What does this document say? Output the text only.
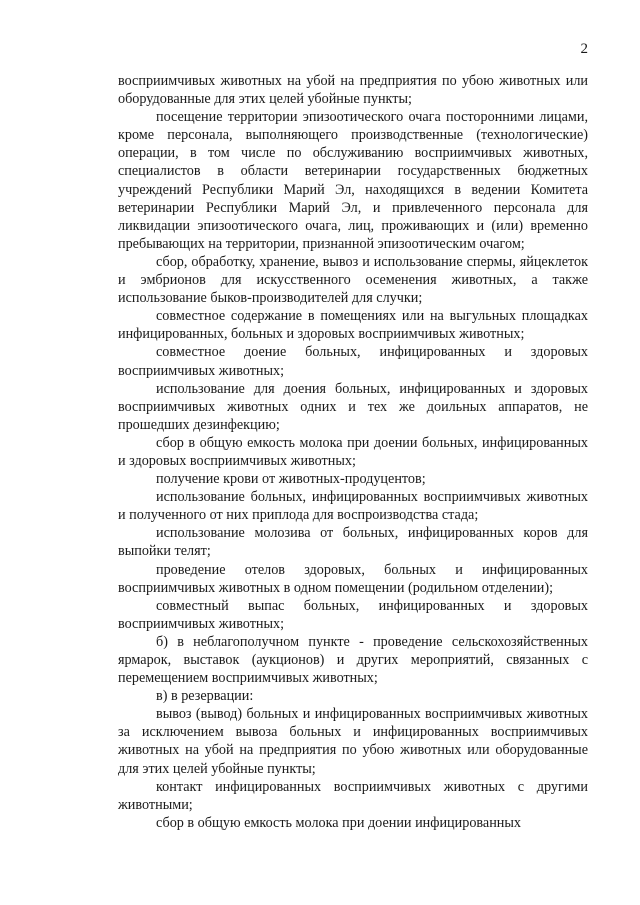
2

восприимчивых животных на убой на предприятия по убою животных или оборудованные для этих целей убойные пункты;

посещение территории эпизоотического очага посторонними лицами, кроме персонала, выполняющего производственные (технологические) операции, в том числе по обслуживанию восприимчивых животных, специалистов в области ветеринарии государственных бюджетных учреждений Республики Марий Эл, находящихся в ведении Комитета ветеринарии Республики Марий Эл, и привлеченного персонала для ликвидации эпизоотического очага, лиц, проживающих и (или) временно пребывающих на территории, признанной эпизоотическим очагом;

сбор, обработку, хранение, вывоз и использование спермы, яйцеклеток и эмбрионов для искусственного осеменения животных, а также использование быков-производителей для случки;

совместное содержание в помещениях или на выгульных площадках инфицированных, больных и здоровых восприимчивых животных;

совместное доение больных, инфицированных и здоровых восприимчивых животных;

использование для доения больных, инфицированных и здоровых восприимчивых животных одних и тех же доильных аппаратов, не прошедших дезинфекцию;

сбор в общую емкость молока при доении больных, инфицированных и здоровых восприимчивых животных;

получение крови от животных-продуцентов;

использование больных, инфицированных восприимчивых животных и полученного от них приплода для воспроизводства стада;

использование молозива от больных, инфицированных коров для выпойки телят;

проведение отелов здоровых, больных и инфицированных восприимчивых животных в одном помещении (родильном отделении);

совместный выпас больных, инфицированных и здоровых восприимчивых животных;

б) в неблагополучном пункте - проведение сельскохозяйственных ярмарок, выставок (аукционов) и других мероприятий, связанных с перемещением восприимчивых животных;

в) в резервации:

вывоз (вывод) больных и инфицированных восприимчивых животных за исключением вывоза больных и инфицированных восприимчивых животных на убой на предприятия по убою животных или оборудованные для этих целей убойные пункты;

контакт инфицированных восприимчивых животных с другими животными;

сбор в общую емкость молока при доении инфицированных
